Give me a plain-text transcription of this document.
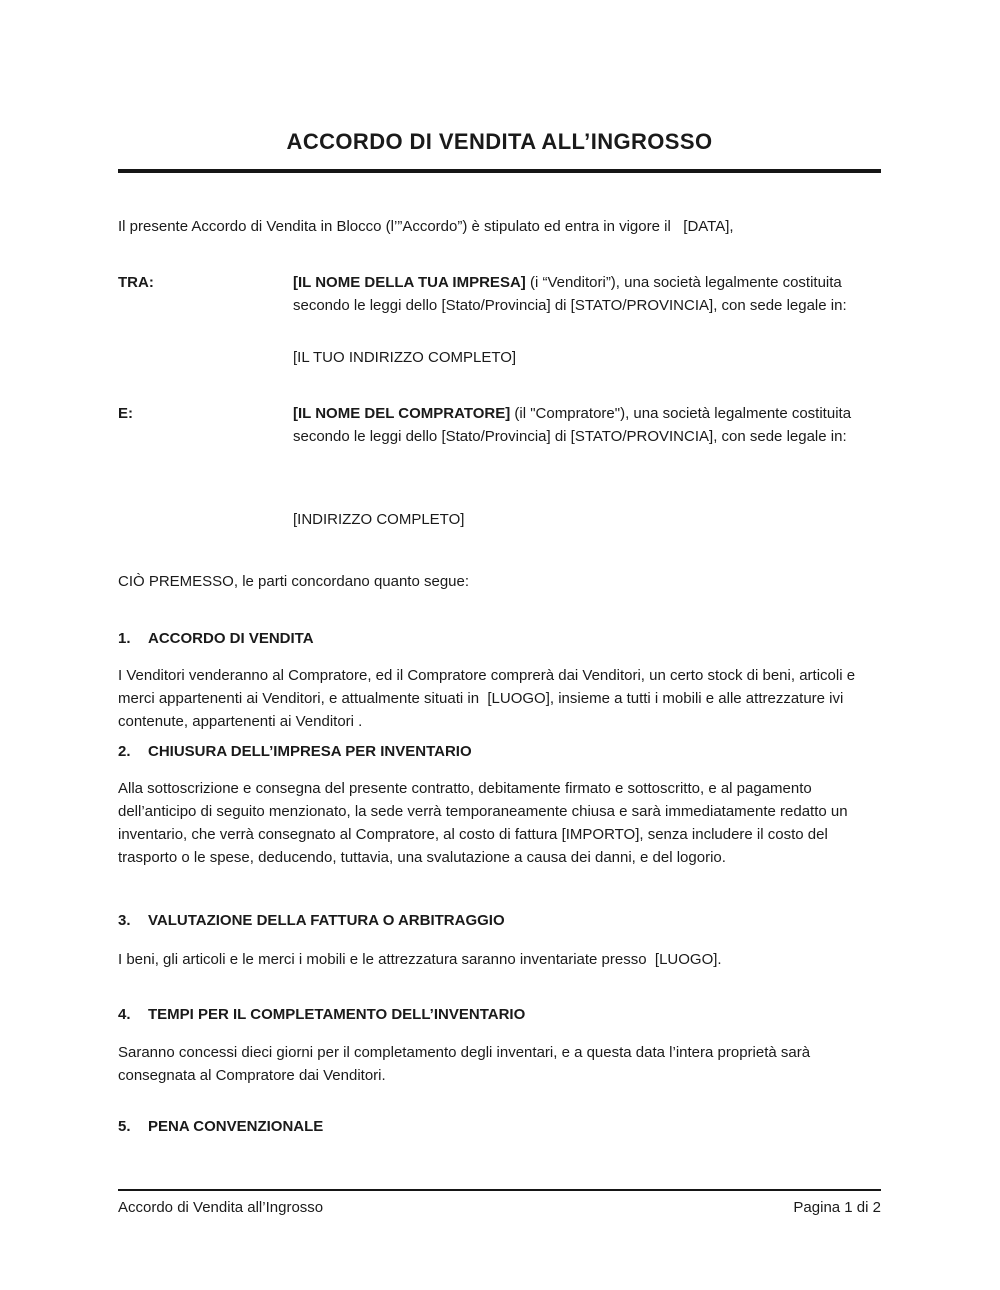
ACCORDO DI VENDITA ALL’INGROSSO
Il presente Accordo di Vendita in Blocco (l’”Accordo”) è stipulato ed entra in vigore il   [DATA],
TRA:	[IL NOME DELLA TUA IMPRESA] (i “Venditori”), una società legalmente costituita secondo le leggi dello [Stato/Provincia] di [STATO/PROVINCIA], con sede legale in:
[IL TUO INDIRIZZO COMPLETO]
E:	[IL NOME DEL COMPRATORE] (il "Compratore"), una società legalmente costituita secondo le leggi dello [Stato/Provincia] di [STATO/PROVINCIA], con sede legale in:
[INDIRIZZO COMPLETO]
CIÒ PREMESSO, le parti concordano quanto segue:
1.	ACCORDO DI VENDITA
I Venditori venderanno al Compratore, ed il Compratore comprerà dai Venditori, un certo stock di beni, articoli e merci appartenenti ai Venditori, e attualmente situati in  [LUOGO], insieme a tutti i mobili e alle attrezzature ivi contenute, appartenenti ai Venditori .
2.	CHIUSURA DELL’IMPRESA PER INVENTARIO
Alla sottoscrizione e consegna del presente contratto, debitamente firmato e sottoscritto, e al pagamento dell’anticipo di seguito menzionato, la sede verrà temporaneamente chiusa e sarà immediatamente redatto un inventario, che verrà consegnato al Compratore, al costo di fattura [IMPORTO], senza includere il costo del trasporto o le spese, deducendo, tuttavia, una svalutazione a causa dei danni, e del logorio.
3.	VALUTAZIONE DELLA FATTURA O ARBITRAGGIO
I beni, gli articoli e le merci i mobili e le attrezzatura saranno inventariate presso  [LUOGO].
4.	TEMPI PER IL COMPLETAMENTO DELL’INVENTARIO
Saranno concessi dieci giorni per il completamento degli inventari, e a questa data l’intera proprietà sarà consegnata al Compratore dai Venditori.
5.	PENA CONVENZIONALE
Accordo di Vendita all’Ingrosso	Pagina 1 di 2
